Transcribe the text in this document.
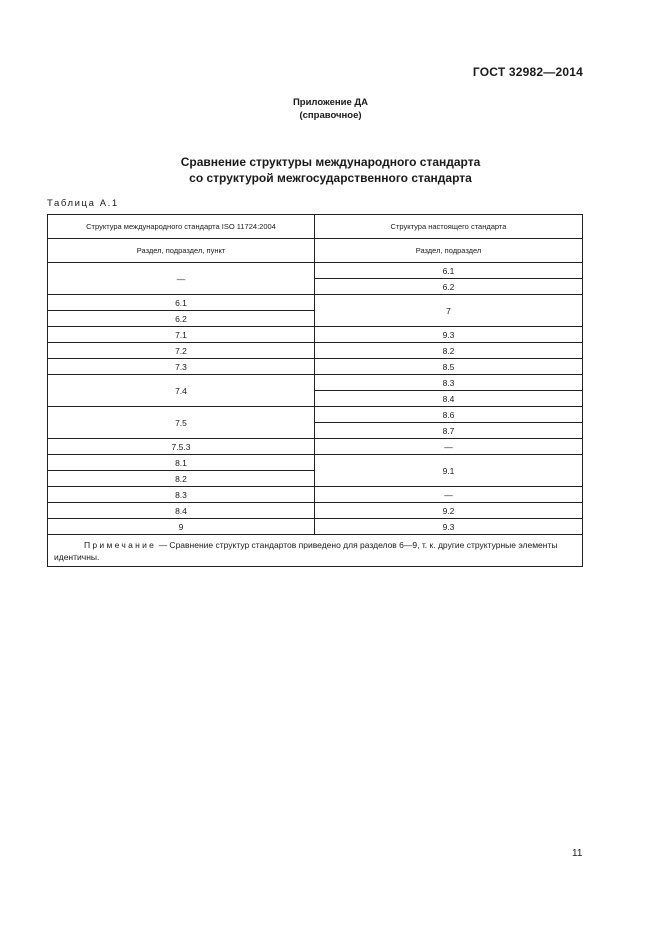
ГОСТ 32982—2014
Приложение ДА
(справочное)
Сравнение структуры международного стандарта
со структурой межгосударственного стандарта
Таблица А.1
Структура международного стандарта ISO 11724:2004	Структура настоящего стандарта
Раздел, подраздел, пункт	Раздел, подраздел
—	6.1
	6.2
6.1	7
6.2	
7.1	9.3
7.2	8.2
7.3	8.5
7.4	8.3
	8.4
7.5	8.6
	8.7
7.5.3	—
8.1	9.1
8.2	
8.3	—
8.4	9.2
9	9.3

Примечание — Сравнение структур стандартов приведено для разделов 6—9, т. к. другие структурные элементы идентичны.	
11
